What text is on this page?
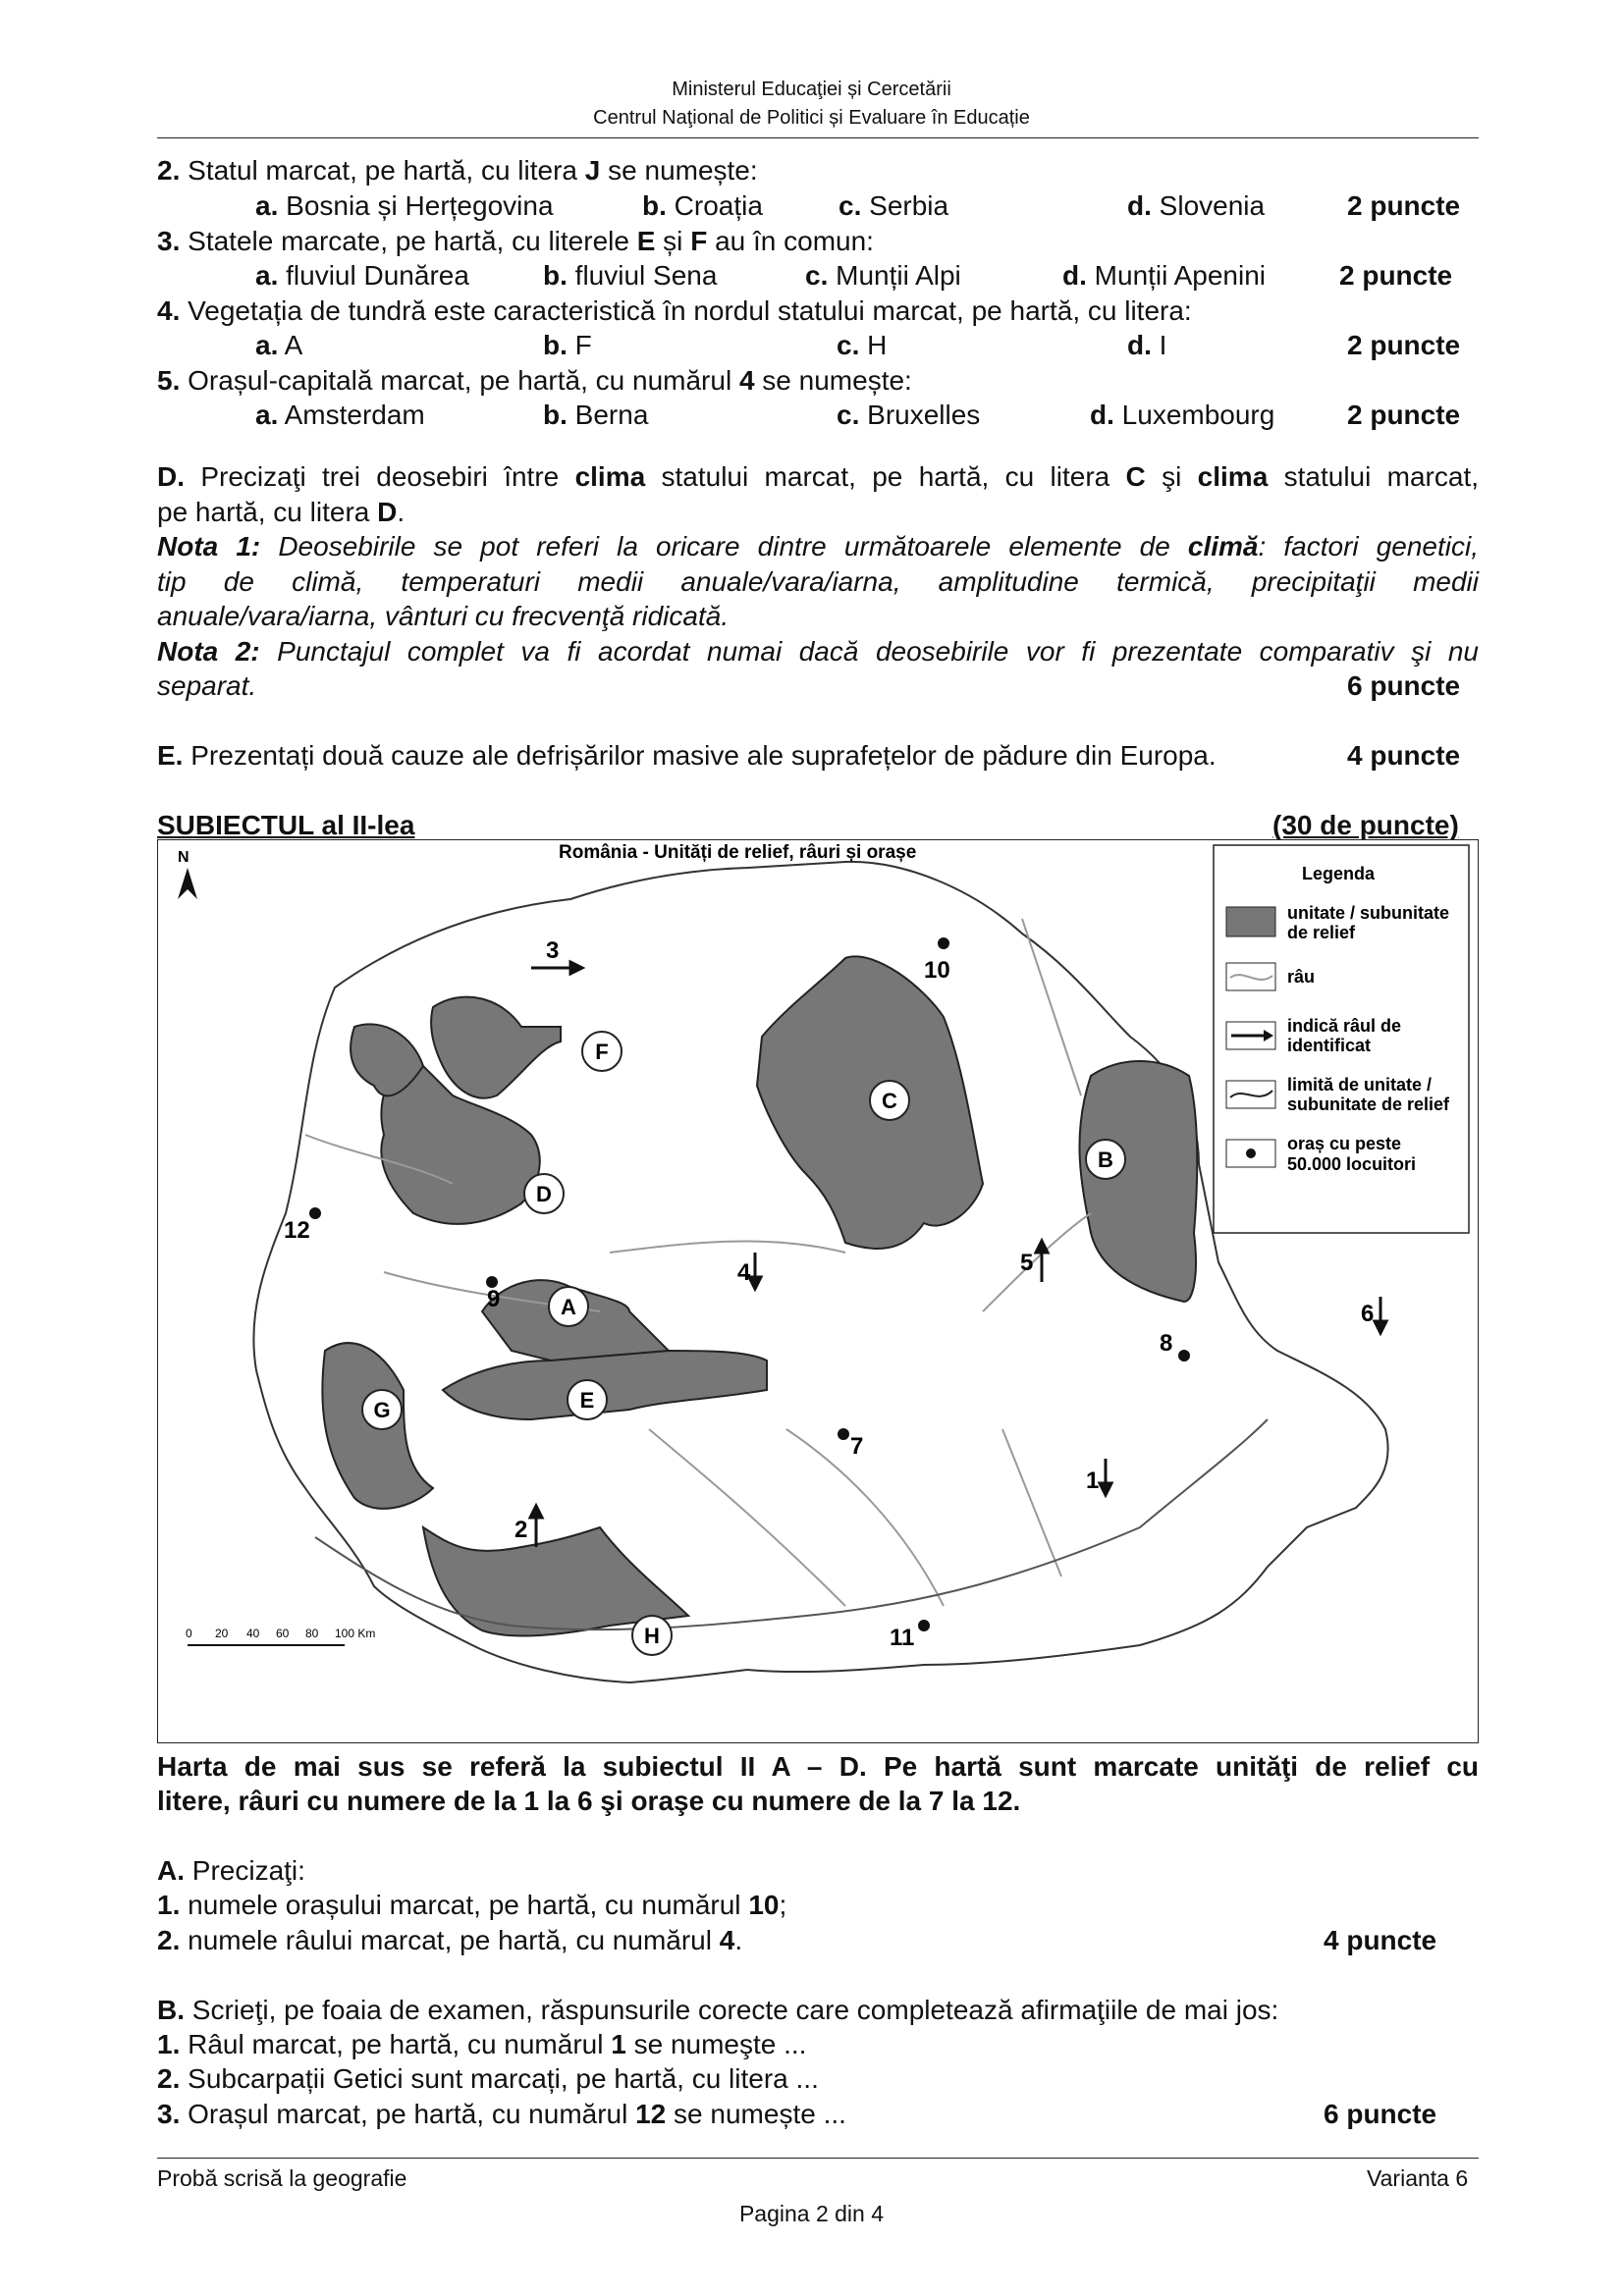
Ministerul Educaţiei și Cercetării
Centrul Naţional de Politici și Evaluare în Educație
2. Statul marcat, pe hartă, cu litera J se numește:
a. Bosnia și Herțegovina	b. Croația	c. Serbia	d. Slovenia	2 puncte
3. Statele marcate, pe hartă, cu literele E și F au în comun:
a. fluviul Dunărea	b. fluviul Sena	c. Munții Alpi	d. Munții Apenini	2 puncte
4. Vegetația de tundră este caracteristică în nordul statului marcat, pe hartă, cu litera:
a. A	b. F	c. H	d. I	2 puncte
5. Orașul-capitală marcat, pe hartă, cu numărul 4 se numește:
a. Amsterdam	b. Berna	c. Bruxelles	d. Luxembourg	2 puncte
D. Precizaţi trei deosebiri între clima statului marcat, pe hartă, cu litera C şi clima statului marcat,
pe hartă, cu litera D.
Nota 1: Deosebirile se pot referi la oricare dintre următoarele elemente de climă: factori genetici,
tip de climă, temperaturi medii anuale/vara/iarna, amplitudine termică, precipitaţii medii
anuale/vara/iarna, vânturi cu frecvenţă ridicată.
Nota 2: Punctajul complet va fi acordat numai dacă deosebirile vor fi prezentate comparativ şi nu
separat.	6 puncte
E. Prezentați două cauze ale defrișărilor masive ale suprafețelor de pădure din Europa.	4 puncte
SUBIECTUL al II-lea	(30 de puncte)
F
C
B
D
A
E
G
H
3
10
12
9
4	5
6
8
7
1
2
11
N	România - Unități de relief, râuri și orașe
Legenda
unitate / subunitate
de relief
râu
indică râul de
identificat
limită de unitate /
subunitate de relief
oraș cu peste
50.000 locuitori
0 20 40 60 80 100 Km
Harta de mai sus se referă la subiectul II A – D. Pe hartă sunt marcate unităţi de relief cu
litere, râuri cu numere de la 1 la 6 şi oraşe cu numere de la 7 la 12.
A. Precizaţi:
1. numele orașului marcat, pe hartă, cu numărul 10;
2. numele râului marcat, pe hartă, cu numărul 4.	4 puncte
B. Scrieţi, pe foaia de examen, răspunsurile corecte care completează afirmaţiile de mai jos:
1. Râul marcat, pe hartă, cu numărul 1 se numeşte ...
2. Subcarpații Getici sunt marcați, pe hartă, cu litera ...
3. Orașul marcat, pe hartă, cu numărul 12 se numește ...	6 puncte
Probă scrisă la geografie	Varianta 6
Pagina 2 din 4
